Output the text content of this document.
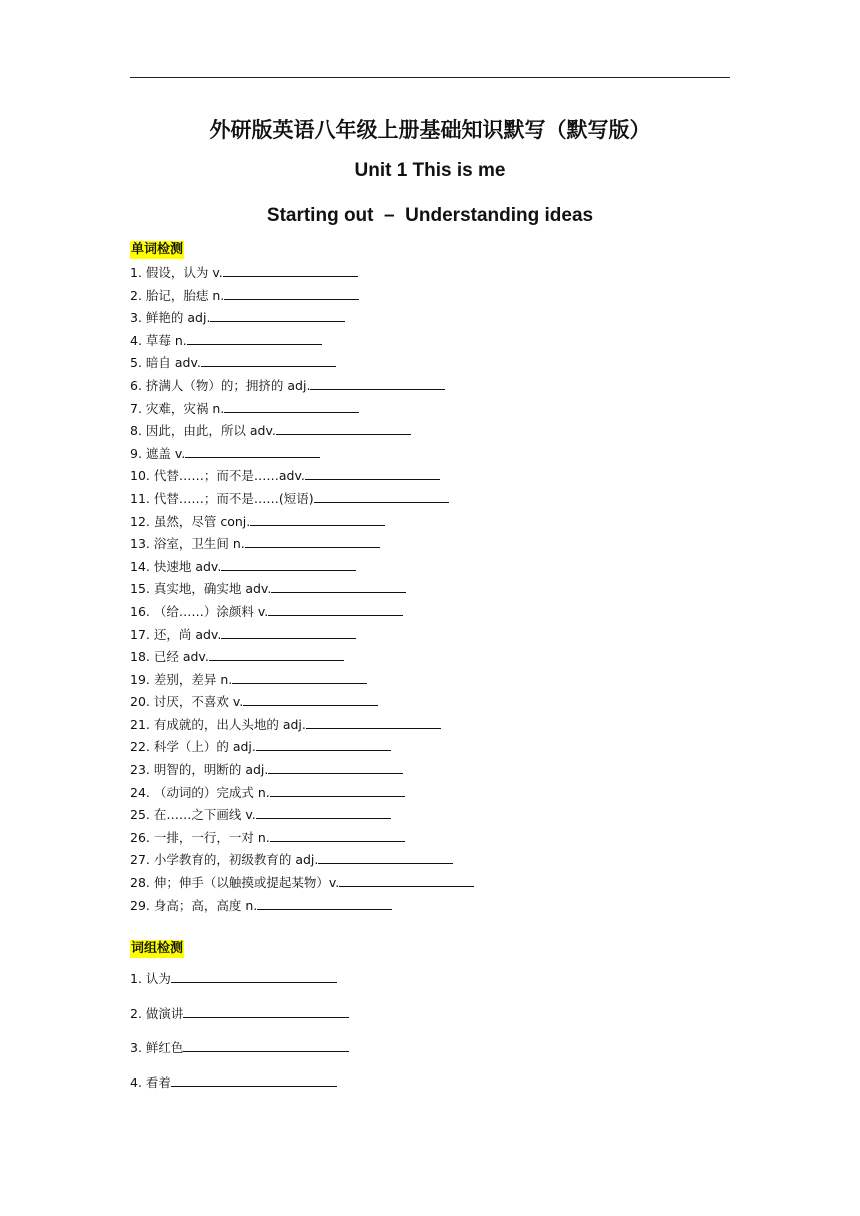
外研版英语八年级上册基础知识默写（默写版）
Unit 1 This is me
Starting out  –  Understanding ideas
单词检测
1 . 假设，认为 v.
2 . 胎记，胎痣 n.
3 . 鲜艳的 adj.
4 . 草莓 n.
5 . 暗自 adv.
6 . 挤满人（物）的；拥挤的 adj.
7 . 灾难，灾祸 n.
8 . 因此，由此，所以 adv.
9 . 遮盖 v.
10 . 代替……；而不是……adv.
11 . 代替……；而不是……(短语)
12 . 虽然，尽管 conj.
13 . 浴室，卫生间 n.
14 . 快速地 adv.
15 . 真实地，确实地 adv.
16 . （给……）涂颜料 v.
17 . 还，尚 adv.
18 . 已经 adv.
19 . 差别，差异 n.
20 . 讨厌，不喜欢 v.
21 . 有成就的，出人头地的 adj.
22 . 科学（上）的 adj.
23 . 明智的，明断的 adj.
24 . （动词的）完成式 n.
25 . 在……之下画线 v.
26 . 一排，一行，一对 n.
27 . 小学教育的，初级教育的 adj.
28 . 伸；伸手（以触摸或提起某物）v.
29 . 身高；高，高度 n.
词组检测
1 . 认为
2 . 做演讲
3 . 鲜红色
4 . 看着
